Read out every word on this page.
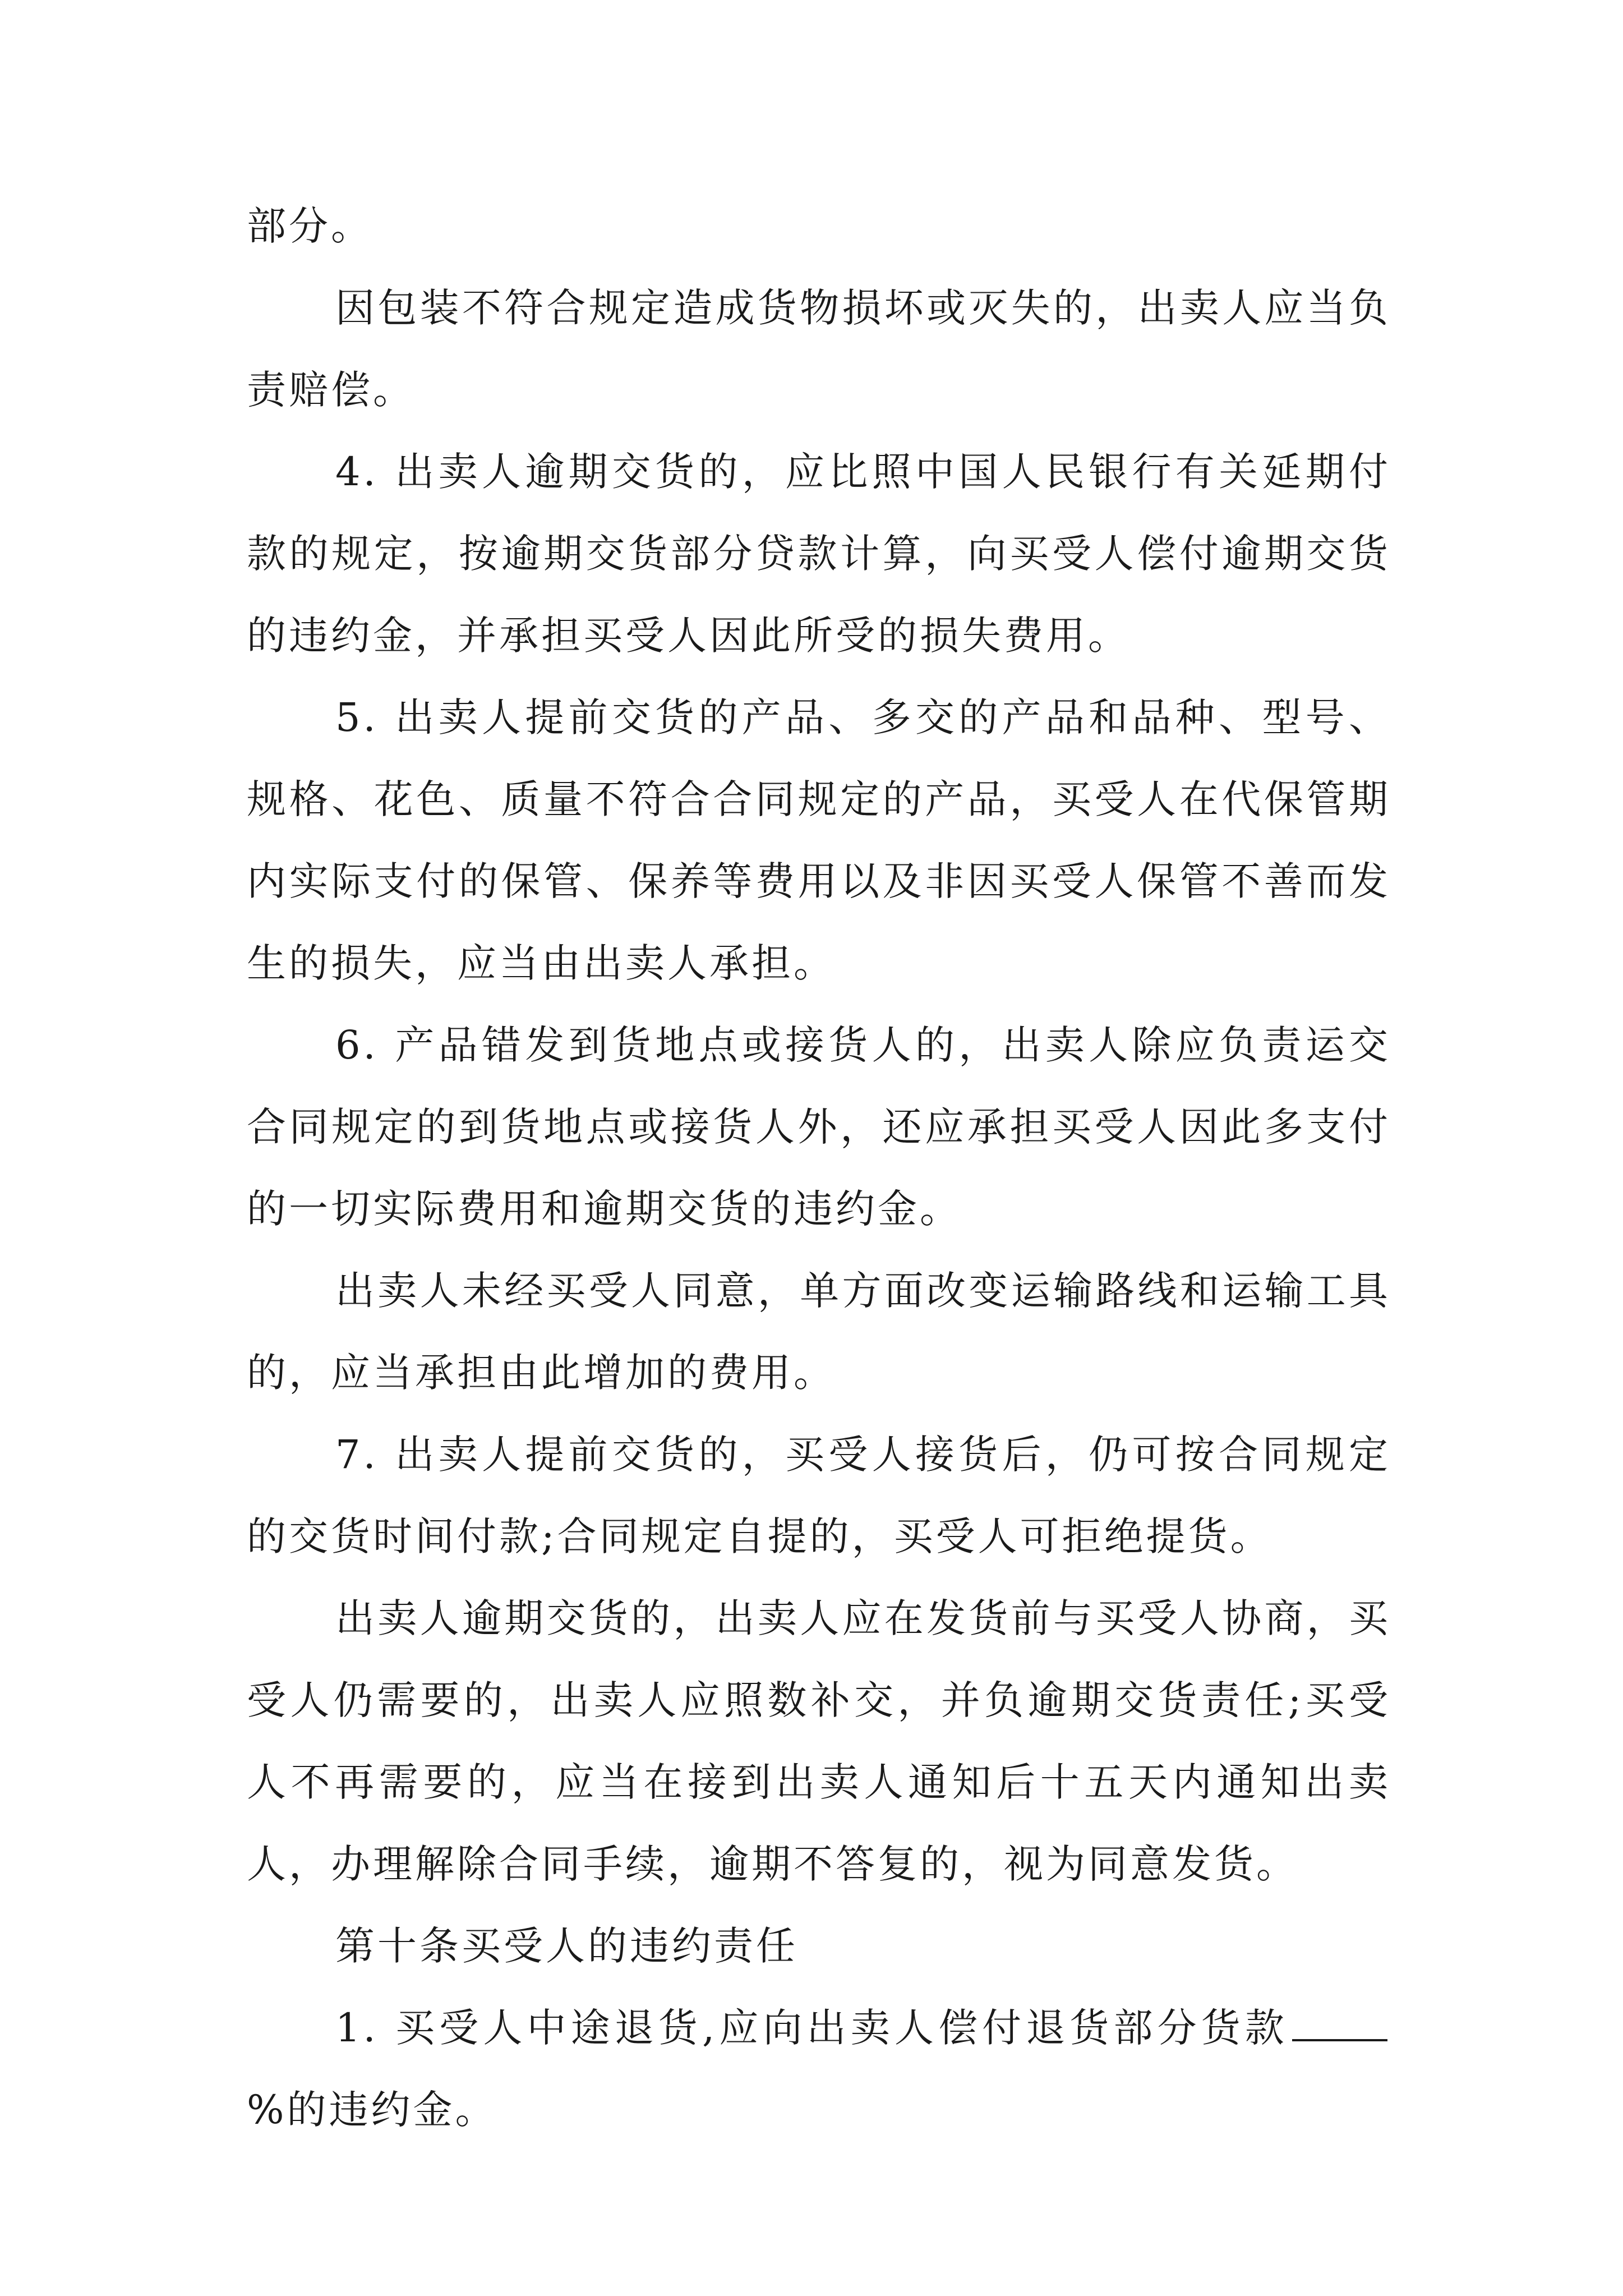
部分。

因包装不符合规定造成货物损坏或灭失的，出卖人应当负责赔偿。

4. 出卖人逾期交货的，应比照中国人民银行有关延期付款的规定，按逾期交货部分贷款计算，向买受人偿付逾期交货的违约金，并承担买受人因此所受的损失费用。

5. 出卖人提前交货的产品、多交的产品和品种、型号、规格、花色、质量不符合合同规定的产品，买受人在代保管期内实际支付的保管、保养等费用以及非因买受人保管不善而发生的损失，应当由出卖人承担。

6. 产品错发到货地点或接货人的，出卖人除应负责运交合同规定的到货地点或接货人外，还应承担买受人因此多支付的一切实际费用和逾期交货的违约金。

出卖人未经买受人同意，单方面改变运输路线和运输工具的，应当承担由此增加的费用。

7. 出卖人提前交货的，买受人接货后，仍可按合同规定的交货时间付款;合同规定自提的，买受人可拒绝提货。

出卖人逾期交货的，出卖人应在发货前与买受人协商，买受人仍需要的，出卖人应照数补交，并负逾期交货责任;买受人不再需要的，应当在接到出卖人通知后十五天内通知出卖人，办理解除合同手续，逾期不答复的，视为同意发货。

第十条买受人的违约责任

1. 买受人中途退货,应向出卖人偿付退货部分货款%的违约金。
